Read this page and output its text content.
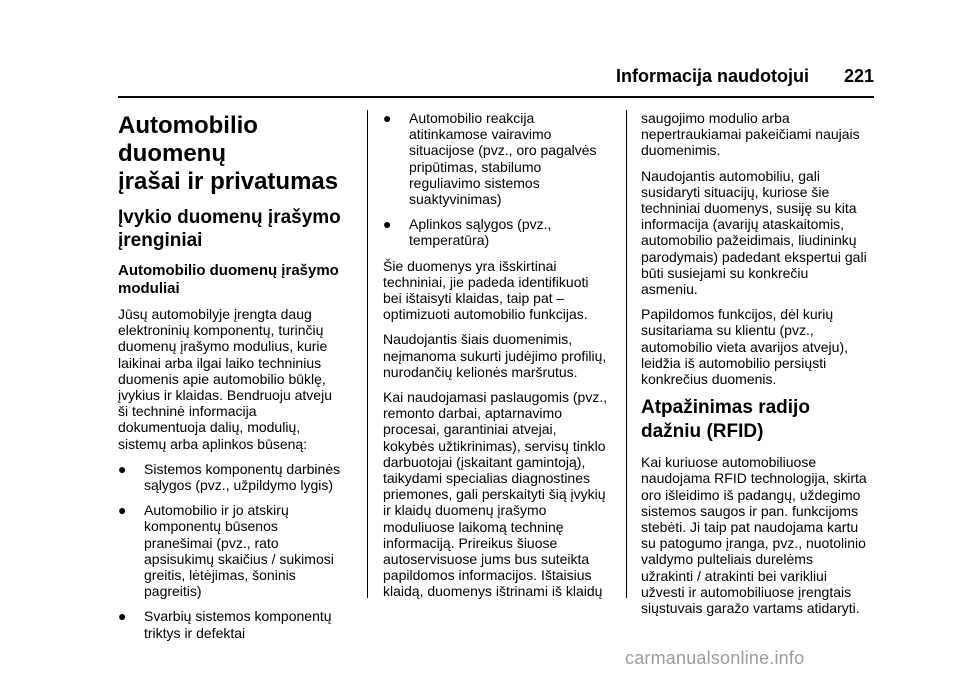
Informacija naudotojui 221
Automobilio duomenų
įrašai ir privatumas
Įvykio duomenų įrašymo
įrenginiai
Automobilio duomenų įrašymo
moduliai

Jūsų automobilyje įrengta daug
elektroninių komponentų, turinčių
duomenų įrašymo modulius, kurie
laikinai arba ilgai laiko techninius
duomenis apie automobilio būklę,
įvykius ir klaidas. Bendruoju atveju
ši techninė informacija
dokumentuoja dalių, modulių,
sistemų arba aplinkos būseną:

● Sistemos komponentų darbinės
sąlygos (pvz., užpildymo lygis)
● Automobilio ir jo atskirų
komponentų būsenos
pranešimai (pvz., rato
apsisukimų skaičius / sukimosi
greitis, lėtėjimas, šoninis
pagreitis)
● Svarbių sistemos komponentų
triktys ir defektai
● Automobilio reakcija
atitinkamose vairavimo
situacijose (pvz., oro pagalvės
pripūtimas, stabilumo
reguliavimo sistemos
suaktyvinimas)
● Aplinkos sąlygos (pvz.,
temperatūra)

Šie duomenys yra išskirtinai
techniniai, jie padeda identifikuoti
bei ištaisyti klaidas, taip pat –
optimizuoti automobilio funkcijas.

Naudojantis šiais duomenimis,
neįmanoma sukurti judėjimo profilių,
nurodančių kelionės maršrutus.

Kai naudojamasi paslaugomis (pvz.,
remonto darbai, aptarnavimo
procesai, garantiniai atvejai,
kokybės užtikrinimas), servisų tinklo
darbuotojai (įskaitant gamintoją),
taikydami specialias diagnostines
priemones, gali perskaityti šią įvykių
ir klaidų duomenų įrašymo
moduliuose laikomą techninę
informaciją. Prireikus šiuose
autoservisuose jums bus suteikta
papildomos informacijos. Ištaisius
klaidą, duomenys ištrinami iš klaidų

saugojimo modulio arba
nepertraukiamai pakeičiami naujais
duomenimis.

Naudojantis automobiliu, gali
susidaryti situacijų, kuriose šie
techniniai duomenys, susiję su kita
informacija (avarijų ataskaitomis,
automobilio pažeidimais, liudininkų
parodymais) padedant ekspertui gali
būti susiejami su konkrečiu
asmeniu.

Papildomos funkcijos, dėl kurių
susitariama su klientu (pvz.,
automobilio vieta avarijos atveju),
leidžia iš automobilio persiųsti
konkrečius duomenis.

Atpažinimas radijo
dažniu (RFID)

Kai kuriuose automobiliuose
naudojama RFID technologija, skirta
oro išleidimo iš padangų, uždegimo
sistemos saugos ir pan. funkcijoms
stebėti. Ji taip pat naudojama kartu
su patogumo įranga, pvz., nuotolinio
valdymo pulteliais durelėms
užrakinti / atrakinti bei varikliui
užvesti ir automobiliuose įrengtais
siųstuvais garažo vartams atidaryti.

carmanualsonline.info
